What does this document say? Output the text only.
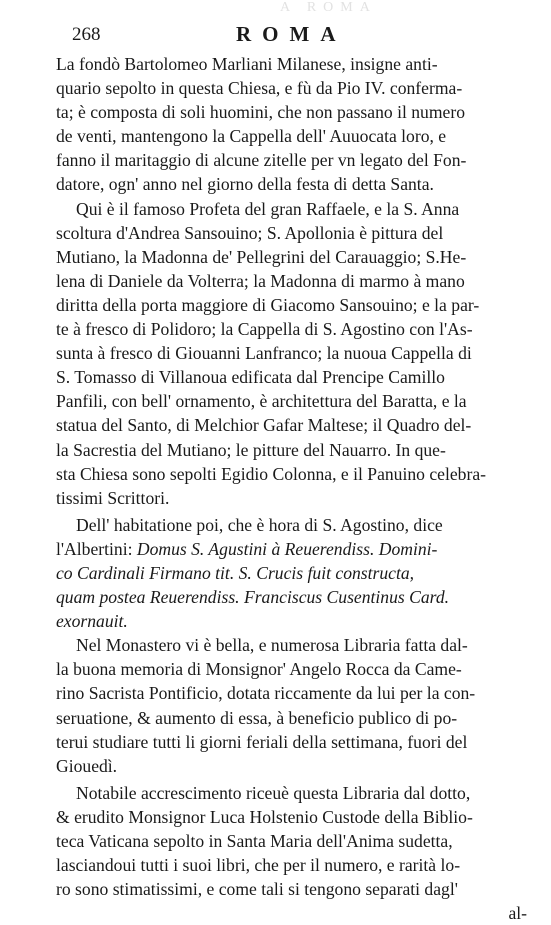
A ROMA
268	ROMA
La fondò Bartolomeo Marliani Milanese, insigne anti-
quario sepolto in questa Chiesa, e fù da Pio IV. conferma-
ta; è composta di soli huomini, che non passano il numero
de venti, mantengono la Cappella dell' Auuocata loro, e
fanno il maritaggio di alcune zitelle per vn legato del Fon-
datore, ogn' anno nel giorno della festa di detta Santa.
Qui è il famoso Profeta del gran Raffaele, e la S. Anna
scoltura d'Andrea Sansouino; S. Apollonia è pittura del
Mutiano, la Madonna de' Pellegrini del Carauaggio; S.He-
lena di Daniele da Volterra; la Madonna di marmo à mano
diritta della porta maggiore di Giacomo Sansouino; e la par-
te à fresco di Polidoro; la Cappella di S. Agostino con l'As-
sunta à fresco di Giouanni Lanfranco; la nuoua Cappella di
S. Tomasso di Villanoua edificata dal Prencipe Camillo
Panfili, con bell' ornamento, è architettura del Baratta, e la
statua del Santo, di Melchior Gafar Maltese; il Quadro del-
la Sacrestia del Mutiano; le pitture del Nauarro. In que-
sta Chiesa sono sepolti Egidio Colonna, e il Panuino celebra-
tissimi Scrittori.
Dell' habitatione poi, che è hora di S. Agostino, dice
l'Albertini: Domus S. Agustini à Reuerendiss. Domini-
co Cardinali Firmano tit. S. Crucis fuit constructa,
quam postea Reuerendiss. Franciscus Cusentinus Card.
exornauit.
Nel Monastero vi è bella, e numerosa Libraria fatta dal-
la buona memoria di Monsignor' Angelo Rocca da Came-
rino Sacrista Pontificio, dotata riccamente da lui per la con-
seruatione, & aumento di essa, à beneficio publico di po-
terui studiare tutti li giorni feriali della settimana, fuori del
Giouedì.
Notabile accrescimento riceuè questa Libraria dal dotto,
& erudito Monsignor Luca Holstenio Custode della Biblio-
teca Vaticana sepolto in Santa Maria dell'Anima sudetta,
lasciandoui tutti i suoi libri, che per il numero, e rarità lo-
ro sono stimatissimi, e come tali si tengono separati dagl'
al-
